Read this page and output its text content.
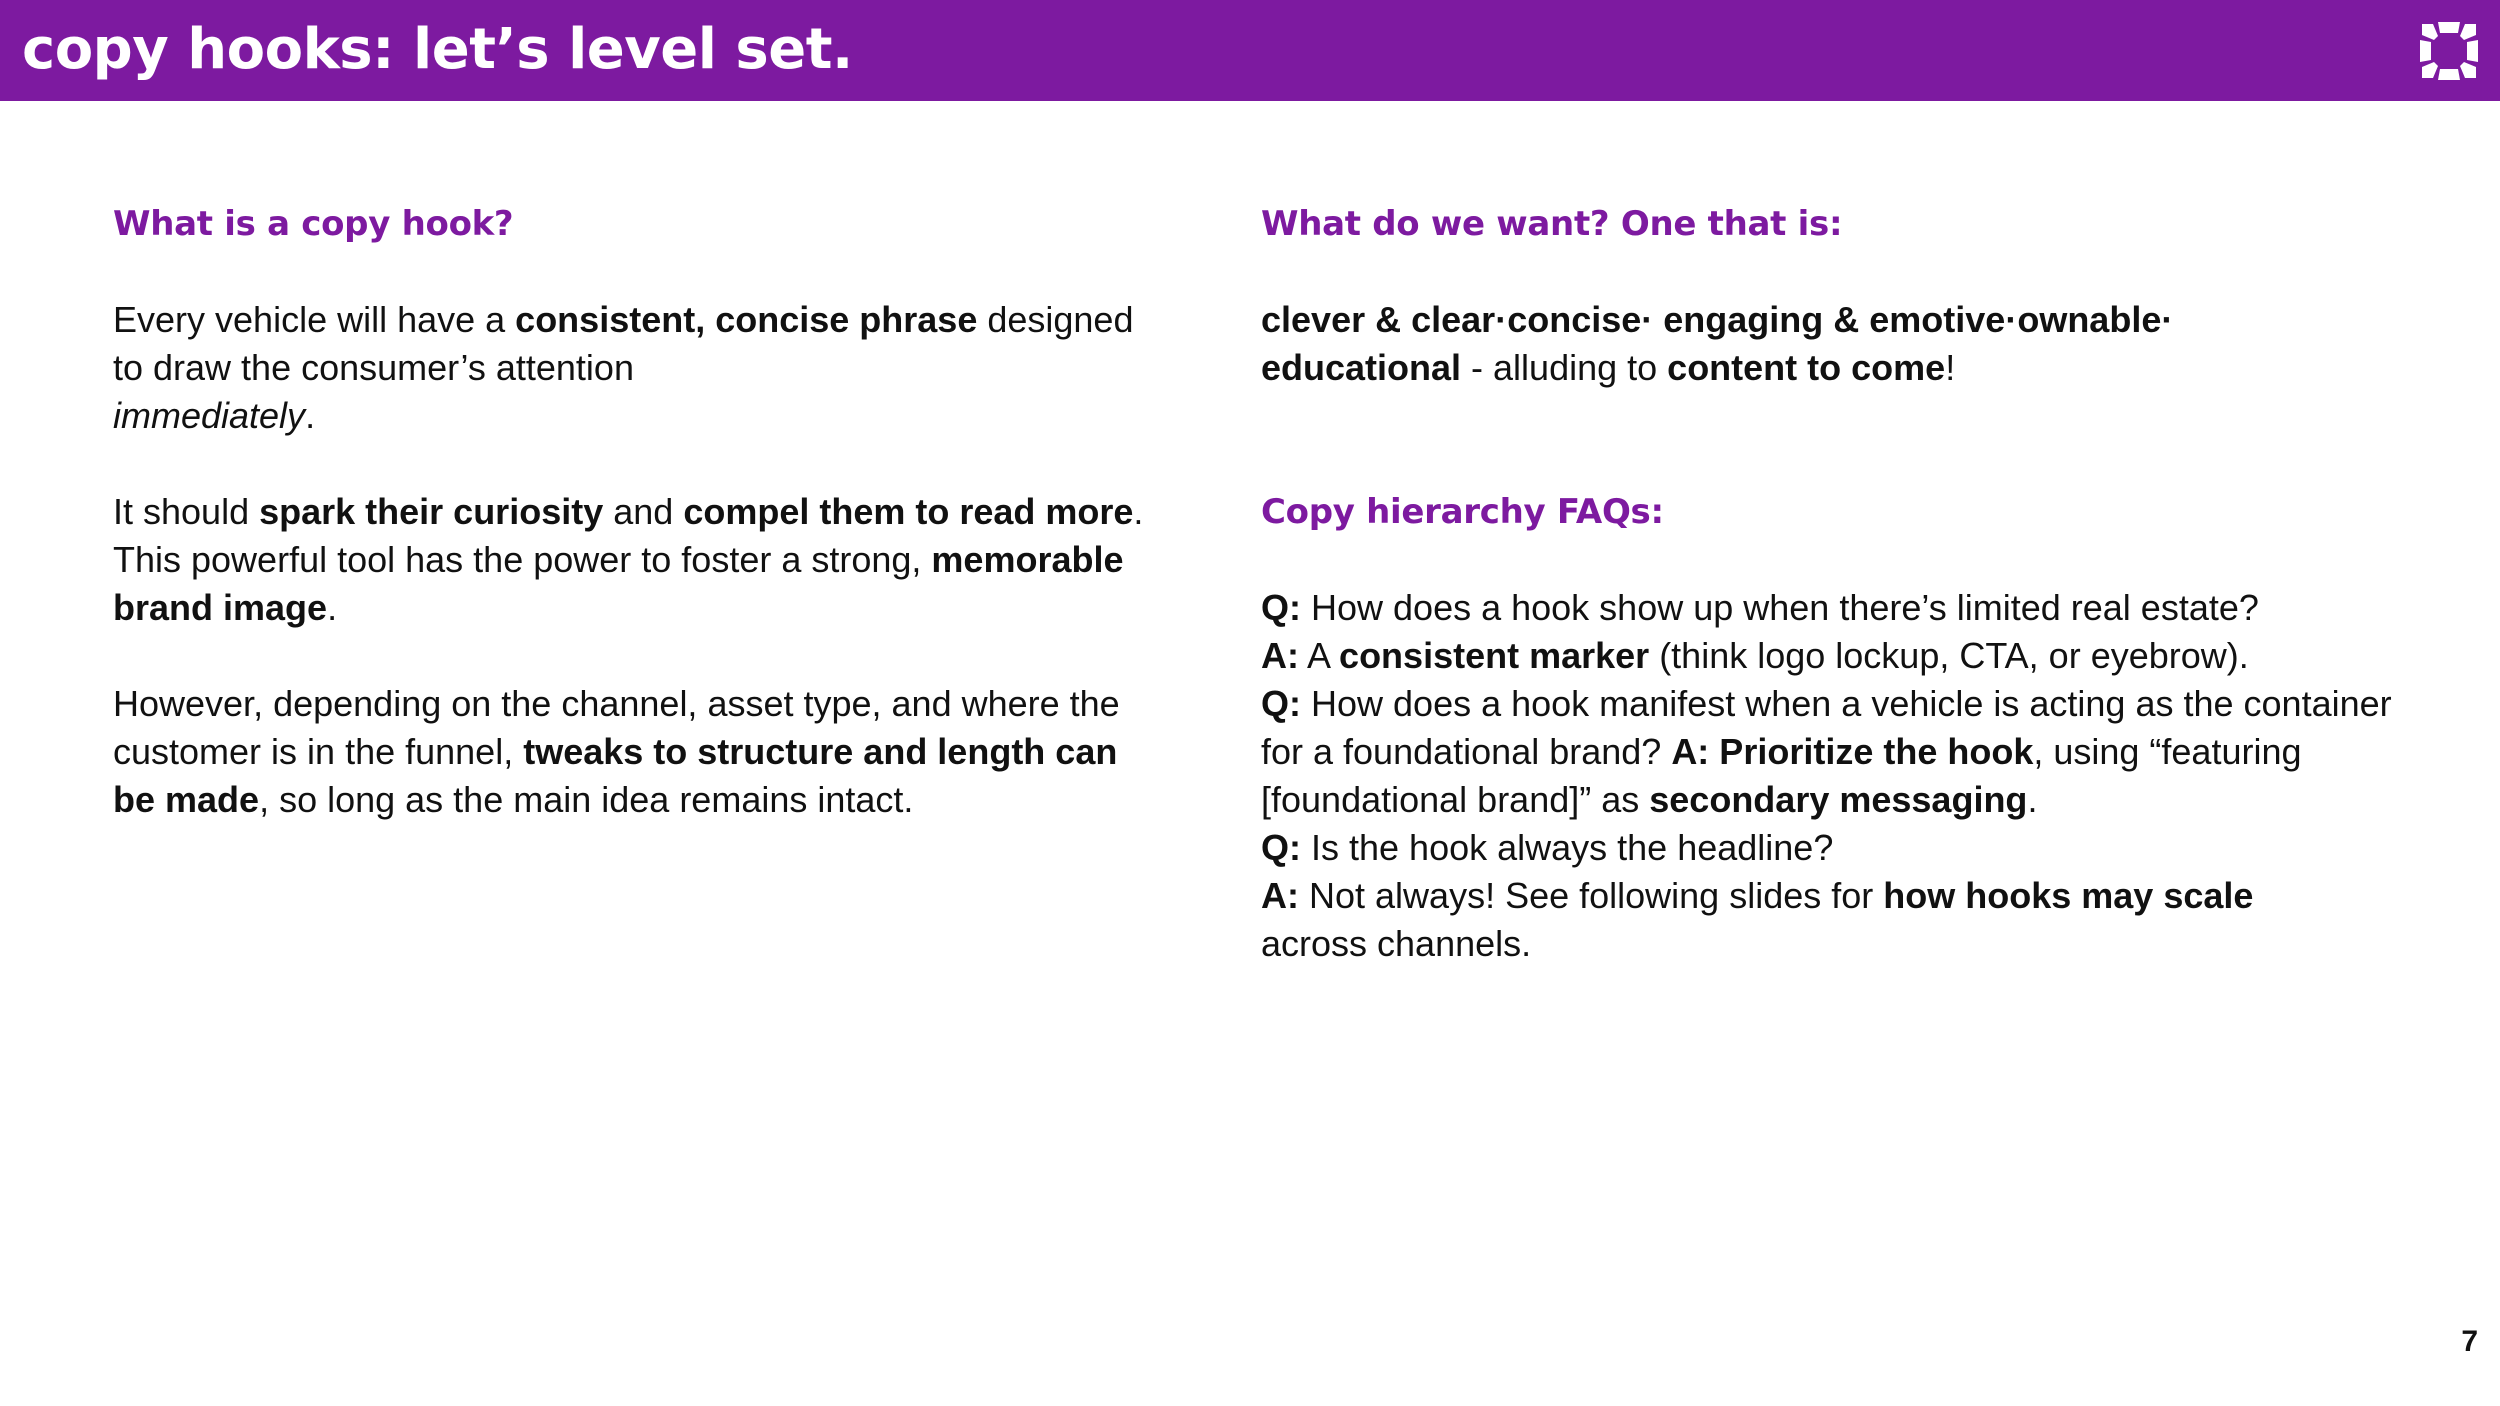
copy hooks: let’s level set.
What is a copy hook?

Every vehicle will have a consistent, concise phrase designed to draw the consumer’s attention
immediately.

It should spark their curiosity and compel them to read more. This powerful tool has the power to foster a strong, memorable brand image.

However, depending on the channel, asset type, and where the customer is in the funnel, tweaks to structure and length can be made, so long as the main idea remains intact.

What do we want? One that is:

clever & clear·concise· engaging & emotive·ownable·
educational - alluding to content to come!

Copy hierarchy FAQs:

Q: How does a hook show up when there’s limited real estate?

A: A consistent marker (think logo lockup, CTA, or eyebrow).

Q: How does a hook manifest when a vehicle is acting as the container for a foundational brand? A: Prioritize the hook, using “featuring [foundational brand]” as secondary messaging.

Q: Is the hook always the headline?

A: Not always! See following slides for how hooks may scale
across channels.

7
